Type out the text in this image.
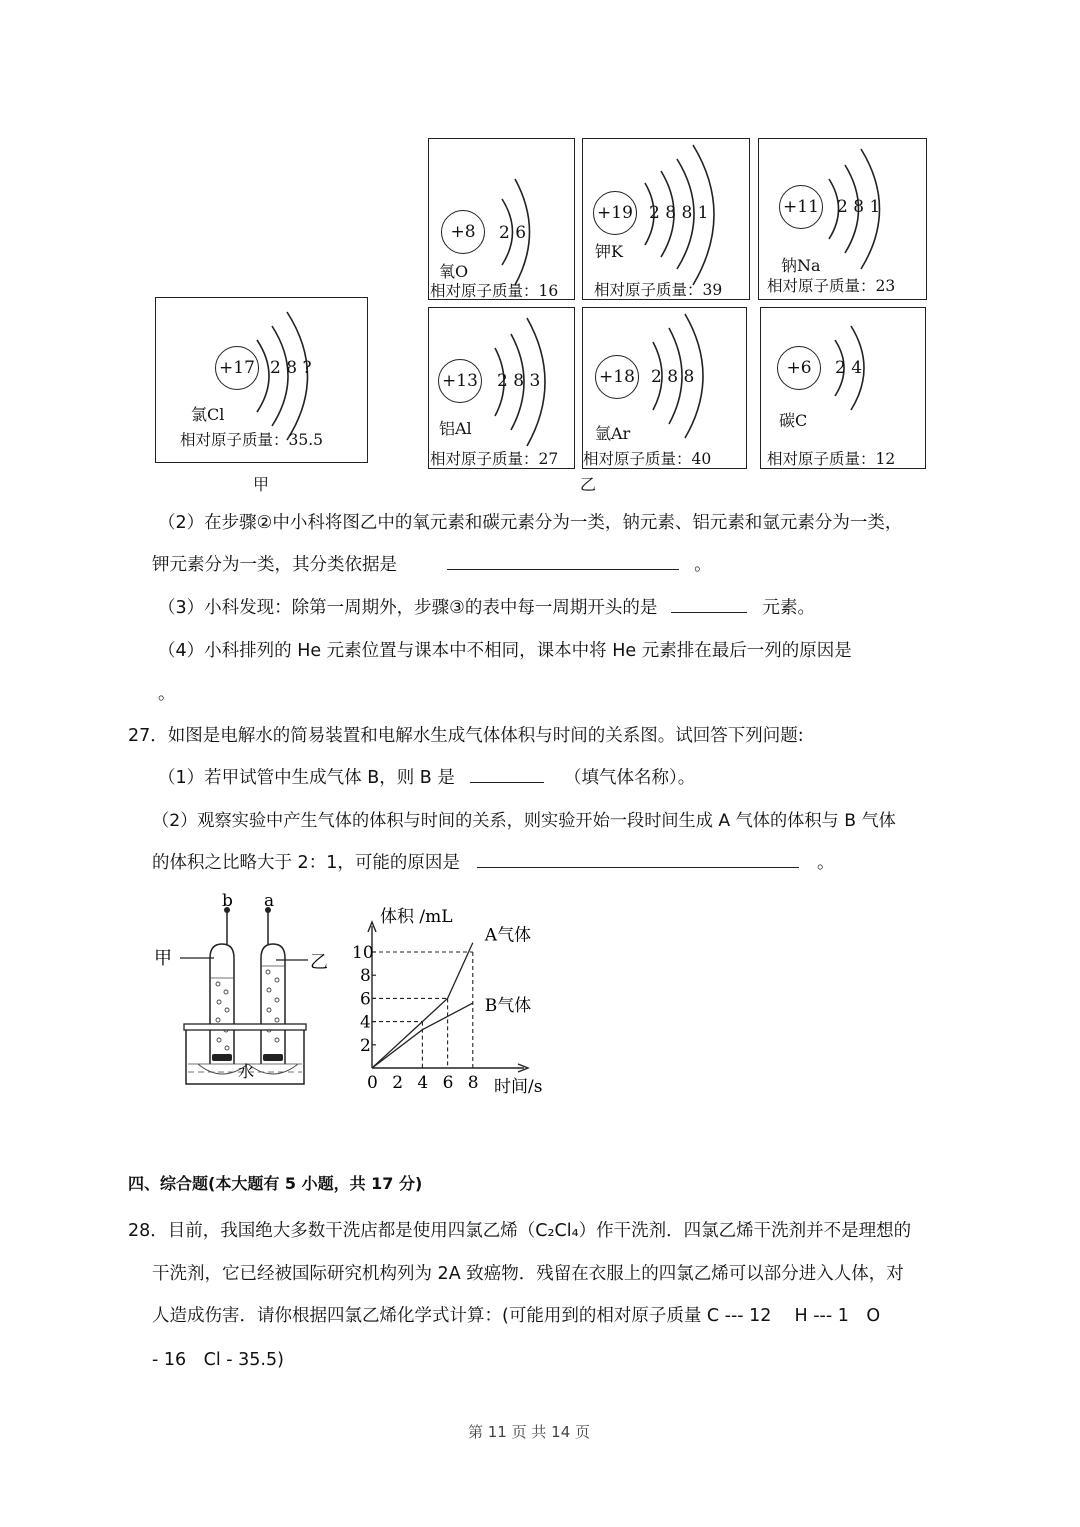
+17 2 8 ?
氯Cl
相对原子质量：35.5
甲
+8	2 6
氧O
相对原子质量：16
+19 2 8 8 1
钾K
相对原子质量：39
+11 2 8 1
钠Na
相对原子质量：23
+13 2 8 3
铝Al
相对原子质量：27
+18 2 8 8
氩Ar
相对原子质量：40
+6	2 4
碳C
相对原子质量：12
乙
（2）在步骤②中小科将图乙中的氧元素和碳元素分为一类，钠元素、铝元素和氩元素分为一类，
钾元素分为一类，其分类依据是	。
（3）小科发现：除第一周期外，步骤③的表中每一周期开头的是	元素。
（4）小科排列的 He 元素位置与课本中不相同，课本中将 He 元素排在最后一列的原因是
。
27．如图是电解水的简易装置和电解水生成气体体积与时间的关系图。试回答下列问题:
（1）若甲试管中生成气体 B，则 B 是	（填气体名称）。
（2）观察实验中产生气体的体积与时间的关系，则实验开始一段时间生成 A 气体的体积与 B 气体
的体积之比略大于 2：1，可能的原因是	。
b a
甲	乙
水
体积 /mL
时间/s
0 2 4 6 8
2
4
6
8
10
A气体
B气体
四、综合题(本大题有 5 小题，共 17 分)
28．目前，我国绝大多数干洗店都是使用四氯乙烯（C₂Cl₄）作干洗剂．四氯乙烯干洗剂并不是理想的
干洗剂，它已经被国际研究机构列为 2A 致癌物．残留在衣服上的四氯乙烯可以部分进入人体，对
人造成伤害．请你根据四氯乙烯化学式计算：(可能用到的相对原子质量 C --- 12　 H --- 1　O
- 16　Cl - 35.5)
第 11 页 共 14 页
